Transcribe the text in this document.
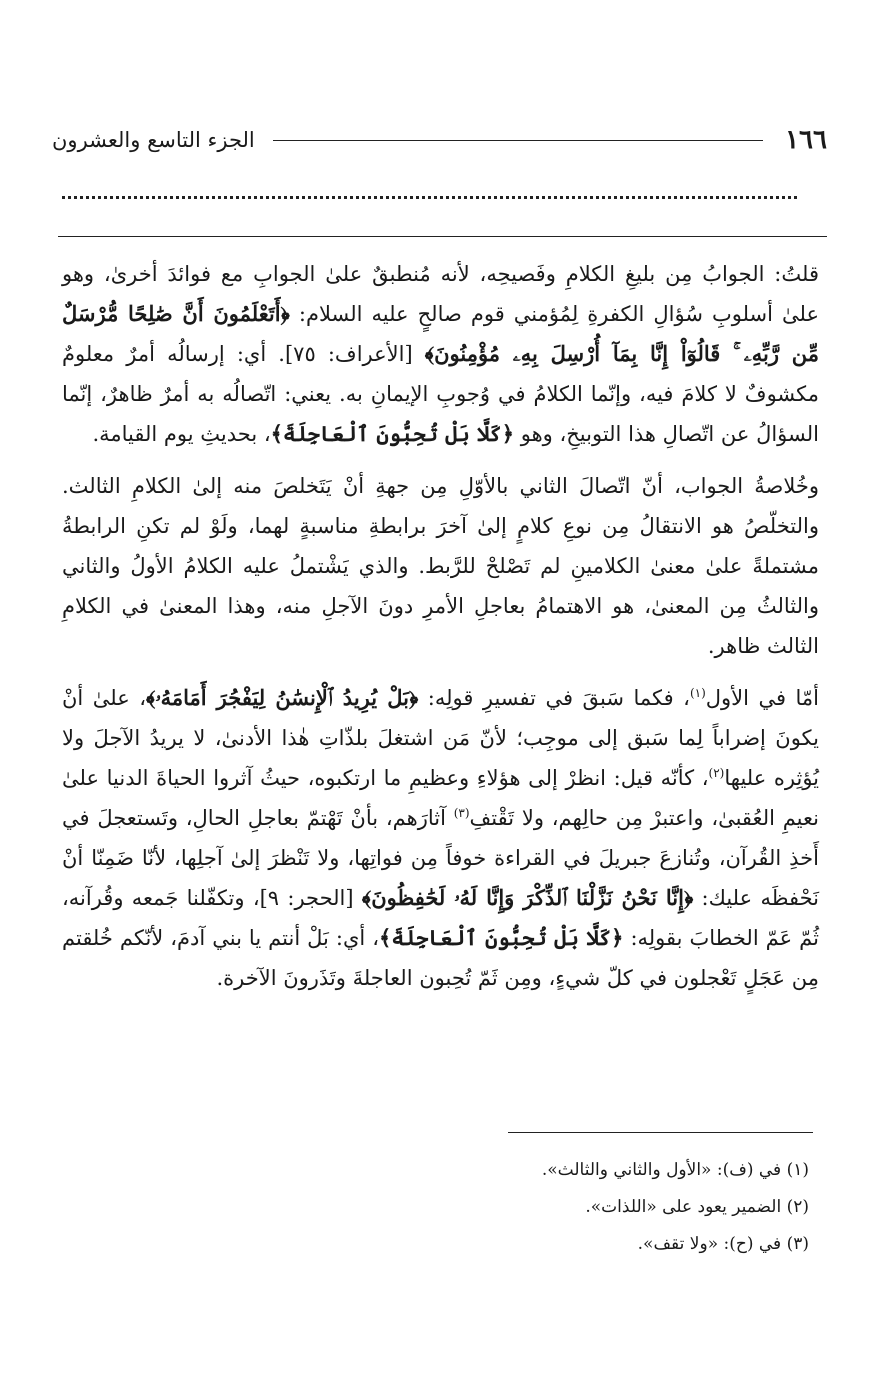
١٦٦
الجزء التاسع والعشرون

قلتُ: الجوابُ مِن بليغِ الكلامِ وفَصيحِه، لأنه مُنطبقٌ علىٰ الجوابِ مع فوائدَ أخرىٰ، وهو علىٰ أسلوبِ سُؤالِ الكفرةِ لِمُؤمني قوم صالحٍ عليه السلام: ﴿أَتَعْلَمُونَ أَنَّ صَٰلِحًا مُّرْسَلٌ مِّن رَّبِّهِۦ ۚ قَالُوٓاْ إِنَّا بِمَآ أُرْسِلَ بِهِۦ مُؤْمِنُونَ﴾ [الأعراف: ٧٥]. أي: إرسالُه أمرٌ معلومٌ مكشوفٌ لا كلامَ فيه، وإنّما الكلامُ في وُجوبِ الإيمانِ به. يعني: اتّصالُه به أمرٌ ظاهرٌ، إنّما السؤالُ عن اتّصالِ هذا التوبيخِ، وهو ﴿كَلَّا بَلْ تُحِبُّونَ ٱلْعَاجِلَةَ﴾، بحديثِ يوم القيامة.

وخُلاصةُ الجواب، أنّ اتّصالَ الثاني بالأوّلِ مِن جهةِ أنْ يَتَخلصَ منه إلىٰ الكلامِ الثالث. والتخلّصُ هو الانتقالُ مِن نوعِ كلامٍ إلىٰ آخرَ برابطةِ مناسبةٍ لهما، ولَوْ لم تكنِ الرابطةُ مشتملةً علىٰ معنىٰ الكلامينِ لم تَصْلحْ للرَّبط. والذي يَشْتملُ عليه الكلامُ الأولُ والثاني والثالثُ مِن المعنىٰ، هو الاهتمامُ بعاجلِ الأمرِ دونَ الآجلِ منه، وهذا المعنىٰ في الكلامِ الثالث ظاهر.

أمّا في الأول$^{(١)}$، فكما سَبقَ في تفسيرِ قولِه: ﴿بَلْ يُرِيدُ ٱلْإِنسَٰنُ لِيَفْجُرَ أَمَامَهُۥ﴾، علىٰ أنْ يكونَ إضراباً لِما سَبق إلى موجِب؛ لأنّ مَن اشتغلَ بلذّاتِ هٰذا الأدنىٰ، لا يريدُ الآجلَ ولا يُؤثِره عليها$^{(٢)}$، كأنّه قيل: انظرْ إلى هؤلاءِ وعظيمِ ما ارتكبوه، حيثُ آثروا الحياةَ الدنيا علىٰ نعيمِ العُقبىٰ، واعتبرْ مِن حالِهم، ولا تَقْتفِ$^{(٣)}$ آثارَهم، بأنْ تَهْتمّ بعاجلِ الحالِ، وتَستعجلَ في أَخذِ القُرآن، وتُنازعَ جبريلَ في القراءة خوفاً مِن فواتِها، ولا تَنْظرَ إلىٰ آجلِها، لأنّا ضَمِنّا أنْ نَحْفظَه عليك: ﴿إِنَّا نَحْنُ نَزَّلْنَا ٱلذِّكْرَ وَإِنَّا لَهُۥ لَحَٰفِظُونَ﴾ [الحجر: ٩]، وتكفّلنا جَمعه وقُرآنه، ثُمّ عَمّ الخطابَ بقولِه: ﴿كَلَّا بَلْ تُحِبُّونَ ٱلْعَاجِلَةَ﴾، أي: بَلْ أنتم يا بني آدمَ، لأنّكم خُلقتم مِن عَجَلٍ تَعْجلون في كلّ شيءٍ، ومِن ثَمّ تُحِبون العاجلةَ وتَذَرونَ الآخرة.

(١) في (ف): «الأول والثاني والثالث».
(٢) الضمير يعود على «اللذات».
(٣) في (ح): «ولا تقف».
